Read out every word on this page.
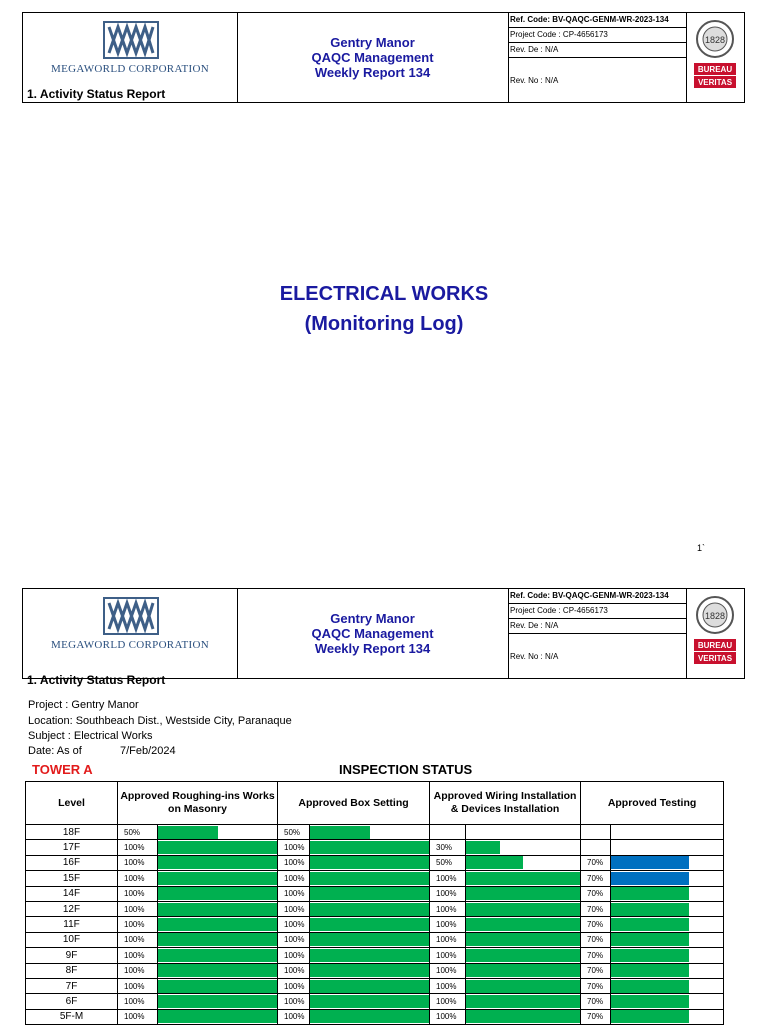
MEGAWORLD CORPORATION
1. Activity Status Report
Gentry Manor
QAQC Management
Weekly Report 134
Ref. Code: BV-QAQC-GENM-WR-2023-134
Project Code : CP-4656173
Rev. De : N/A
Rev. No : N/A
1828
BUREAU
VERITAS
ELECTRICAL WORKS
(Monitoring Log)
1`
MEGAWORLD CORPORATION
1. Activity Status Report
Gentry Manor
QAQC Management
Weekly Report 134
Ref. Code: BV-QAQC-GENM-WR-2023-134
Project Code : CP-4656173
Rev. De : N/A
Rev. No : N/A
1828
BUREAU
VERITAS
Project : Gentry Manor
Location: Southbeach Dist., Westside City, Paranaque
Subject : Electrical Works
Date: As of	7/Feb/2024
TOWER A	INSPECTION STATUS
Level	Approved Roughing-ins Works on Masonry		Approved Box Setting		Approved Wiring Installation & Devices Installation		Approved Testing	
18F	50%		50%	

17F	100%		100%		30%	

16F	100%		100%		50%		70%	

15F	100%		100%		100%		70%	

14F	100%		100%		100%		70%	

12F	100%		100%		100%		70%	

11F	100%		100%		100%		70%	

10F	100%		100%		100%		70%	

9F	100%		100%		100%		70%	

8F	100%		100%		100%		70%	

7F	100%		100%		100%		70%	

6F	100%		100%		100%		70%	

5F-M	100%		100%		100%		70%	
